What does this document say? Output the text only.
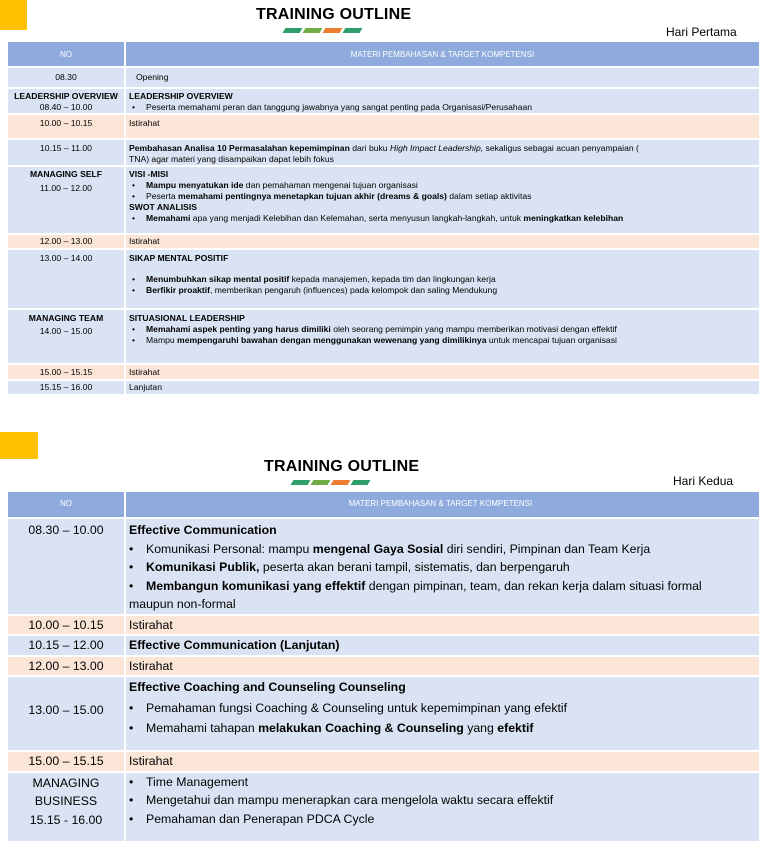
TRAINING OUTLINE
Hari Pertama
NO	MATERI PEMBAHASAN & TARGET KOMPETENSI

08.30	Opening

LEADERSHIP OVERVIEW
08.40 – 10.00	LEADERSHIP OVERVIEW
• Peserta memahami peran dan tanggung jawabnya yang sangat penting pada Organisasi/Perusahaan

10.00 – 10.15	Istirahat

10.15 – 11.00	Pembahasan Analisa 10 Permasalahan kepemimpinan dari buku High Impact Leadership, sekaligus sebagai acuan penyampaian (
TNA) agar materi yang disampaikan dapat lebih fokus

MANAGING SELF
11.00 – 12.00	VISI -MISI
• Mampu menyatukan ide dan pemahaman mengenai tujuan organisasi
• Peserta memahami pentingnya menetapkan tujuan akhir (dreams & goals) dalam setiap aktivitas
SWOT ANALISIS
• Memahami apa yang menjadi Kelebihan dan Kelemahan, serta menyusun langkah-langkah, untuk meningkatkan kelebihan

12.00 – 13.00	Istirahat

13.00 – 14.00	SIKAP MENTAL POSITIF
• Menumbuhkan sikap mental positif kepada manajemen, kepada tim dan lingkungan kerja
• Berfikir proaktif, memberikan pengaruh (influences) pada kelompok dan saling Mendukung

MANAGING TEAM
14.00 – 15.00	SITUASIONAL LEADERSHIP
• Memahami aspek penting yang harus dimiliki oleh seorang pemimpin yang mampu memberikan motivasi dengan effektif
• Mampu mempengaruhi bawahan dengan menggunakan wewenang yang dimilikinya untuk mencapai tujuan organisasi

15.00 – 15.15	Istirahat

15.15 – 16.00	Lanjutan
TRAINING OUTLINE
Hari Kedua
NO	MATERI PEMBAHASAN & TARGET KOMPETENSI

08.30 – 10.00	Effective Communication
• Komunikasi Personal: mampu mengenal Gaya Sosial diri sendiri, Pimpinan dan Team Kerja
• Komunikasi Publik, peserta akan berani tampil, sistematis, dan berpengaruh
• Membangun komunikasi yang effektif dengan pimpinan, team, dan rekan kerja dalam situasi formal
maupun non-formal

10.00 – 10.15	Istirahat

10.15 – 12.00	Effective Communication (Lanjutan)

12.00 – 13.00	Istirahat

13.00 – 15.00	Effective Coaching and Counseling Counseling
• Pemahaman fungsi Coaching & Counseling untuk kepemimpinan yang efektif
• Memahami tahapan melakukan Coaching & Counseling yang efektif

15.00 – 15.15	Istirahat

MANAGING
BUSINESS
15.15 - 16.00	• Time Management
• Mengetahui dan mampu menerapkan cara mengelola waktu secara effektif
• Pemahaman dan Penerapan PDCA Cycle
